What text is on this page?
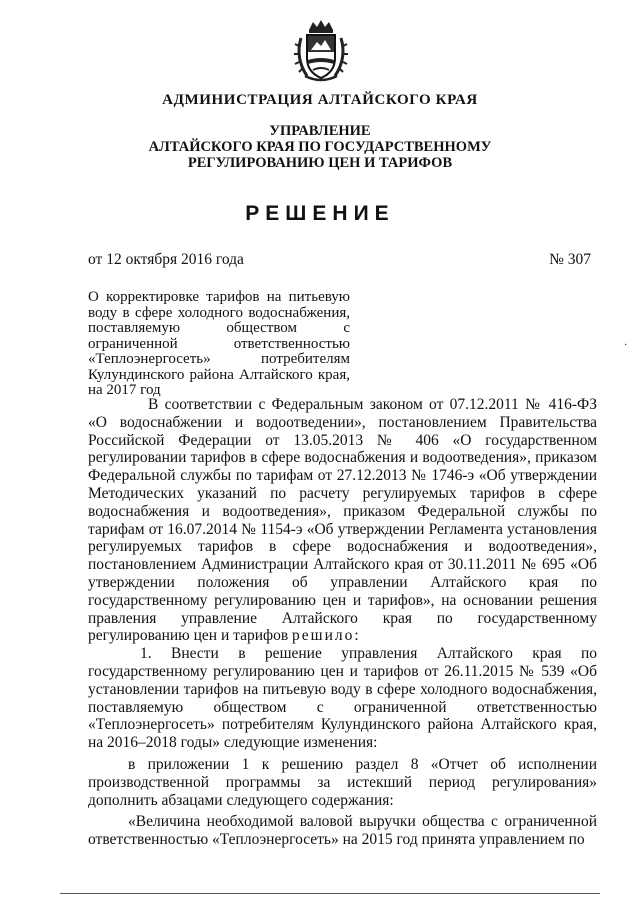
АДМИНИСТРАЦИЯ АЛТАЙСКОГО КРАЯ
УПРАВЛЕНИЕ
АЛТАЙСКОГО КРАЯ ПО ГОСУДАРСТВЕННОМУ
РЕГУЛИРОВАНИЮ ЦЕН И ТАРИФОВ
РЕШЕНИЕ
от 12 октября 2016 года	№ 307
О корректировке тарифов на питьевую воду в сфере холодного водоснабжения, поставляемую обществом с ограниченной ответственностью «Теплоэнергосеть» потребителям Кулундинского района Алтайского края, на 2017 год
·

В соответствии с Федеральным законом от 07.12.2011 № 416-ФЗ «О водоснабжении и водоотведении», постановлением Правительства Российской Федерации от 13.05.2013 № 406 «О государственном регулировании тарифов в сфере водоснабжения и водоотведения», приказом Федеральной службы по тарифам от 27.12.2013 № 1746-э «Об утверждении Методических указаний по расчету регулируемых тарифов в сфере водоснабжения и водоотведения», приказом Федеральной службы по тарифам от 16.07.2014 № 1154-э «Об утверждении Регламента установления регулируемых тарифов в сфере водоснабжения и водоотведения», постановлением Администрации Алтайского края от 30.11.2011 № 695 «Об утверждении положения об управлении Алтайского края по государственному регулированию цен и тарифов», на основании решения правления управление Алтайского края по государственному регулированию цен и тарифов решило:

1. Внести в решение управления Алтайского края по государственному регулированию цен и тарифов от 26.11.2015 № 539 «Об установлении тарифов на питьевую воду в сфере холодного водоснабжения, поставляемую обществом с ограниченной ответственностью «Теплоэнергосеть» потребителям Кулундинского района Алтайского края, на 2016–2018 годы» следующие изменения:

в приложении 1 к решению раздел 8 «Отчет об исполнении производственной программы за истекший период регулирования» дополнить абзацами следующего содержания:

«Величина необходимой валовой выручки общества с ограниченной ответственностью «Теплоэнергосеть» на 2015 год принята управлением по
